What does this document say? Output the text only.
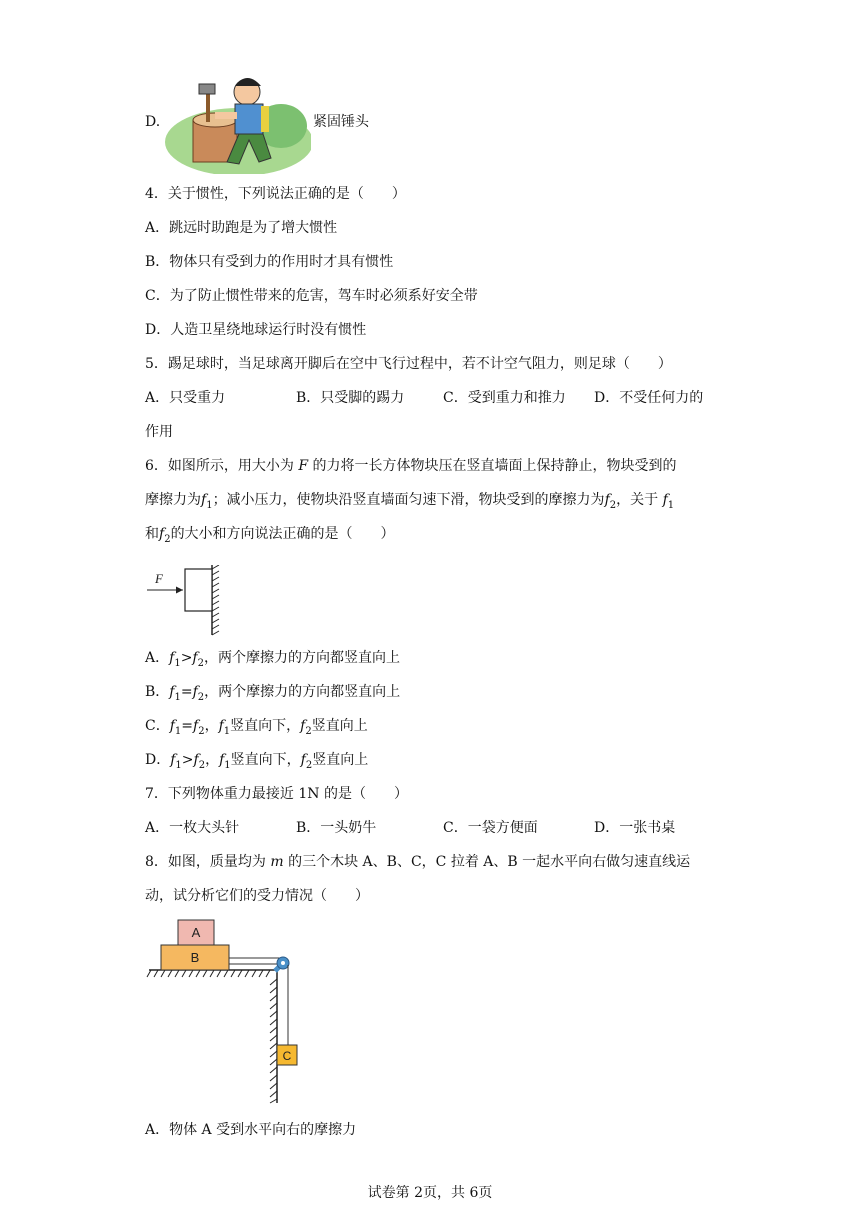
D.	紧固锤头
4．关于惯性，下列说法正确的是（　　）
A．跳远时助跑是为了增大惯性
B．物体只有受到力的作用时才具有惯性
C．为了防止惯性带来的危害，驾车时必须系好安全带
D．人造卫星绕地球运行时没有惯性
5．踢足球时，当足球离开脚后在空中飞行过程中，若不计空气阻力，则足球（　　）
A．只受重力	B．只受脚的踢力	C．受到重力和推力 D．不受任何力的
作用
6．如图所示，用大小为 F 的力将一长方体物块压在竖直墙面上保持静止，物块受到的
摩擦力为$f_1$；减小压力，使物块沿竖直墙面匀速下滑，物块受到的摩擦力为$f_2$，关于 $f_1$
和$f_2$的大小和方向说法正确的是（　　）
F
A．$f_1>f_2$，两个摩擦力的方向都竖直向上
B．$f_1=f_2$，两个摩擦力的方向都竖直向上
C．$f_1=f_2$，$f_1$竖直向下，$f_2$竖直向上
D．$f_1>f_2$，$f_1$竖直向下，$f_2$竖直向上
7．下列物体重力最接近 1N 的是（　　）
A．一枚大头针	B．一头奶牛	C．一袋方便面	D．一张书桌
8．如图，质量均为 m 的三个木块 A、B、C，C 拉着 A、B 一起水平向右做匀速直线运
动，试分析它们的受力情况（　　）
B
A
C
A．物体 A 受到水平向右的摩擦力
试卷第 2页，共 6页
